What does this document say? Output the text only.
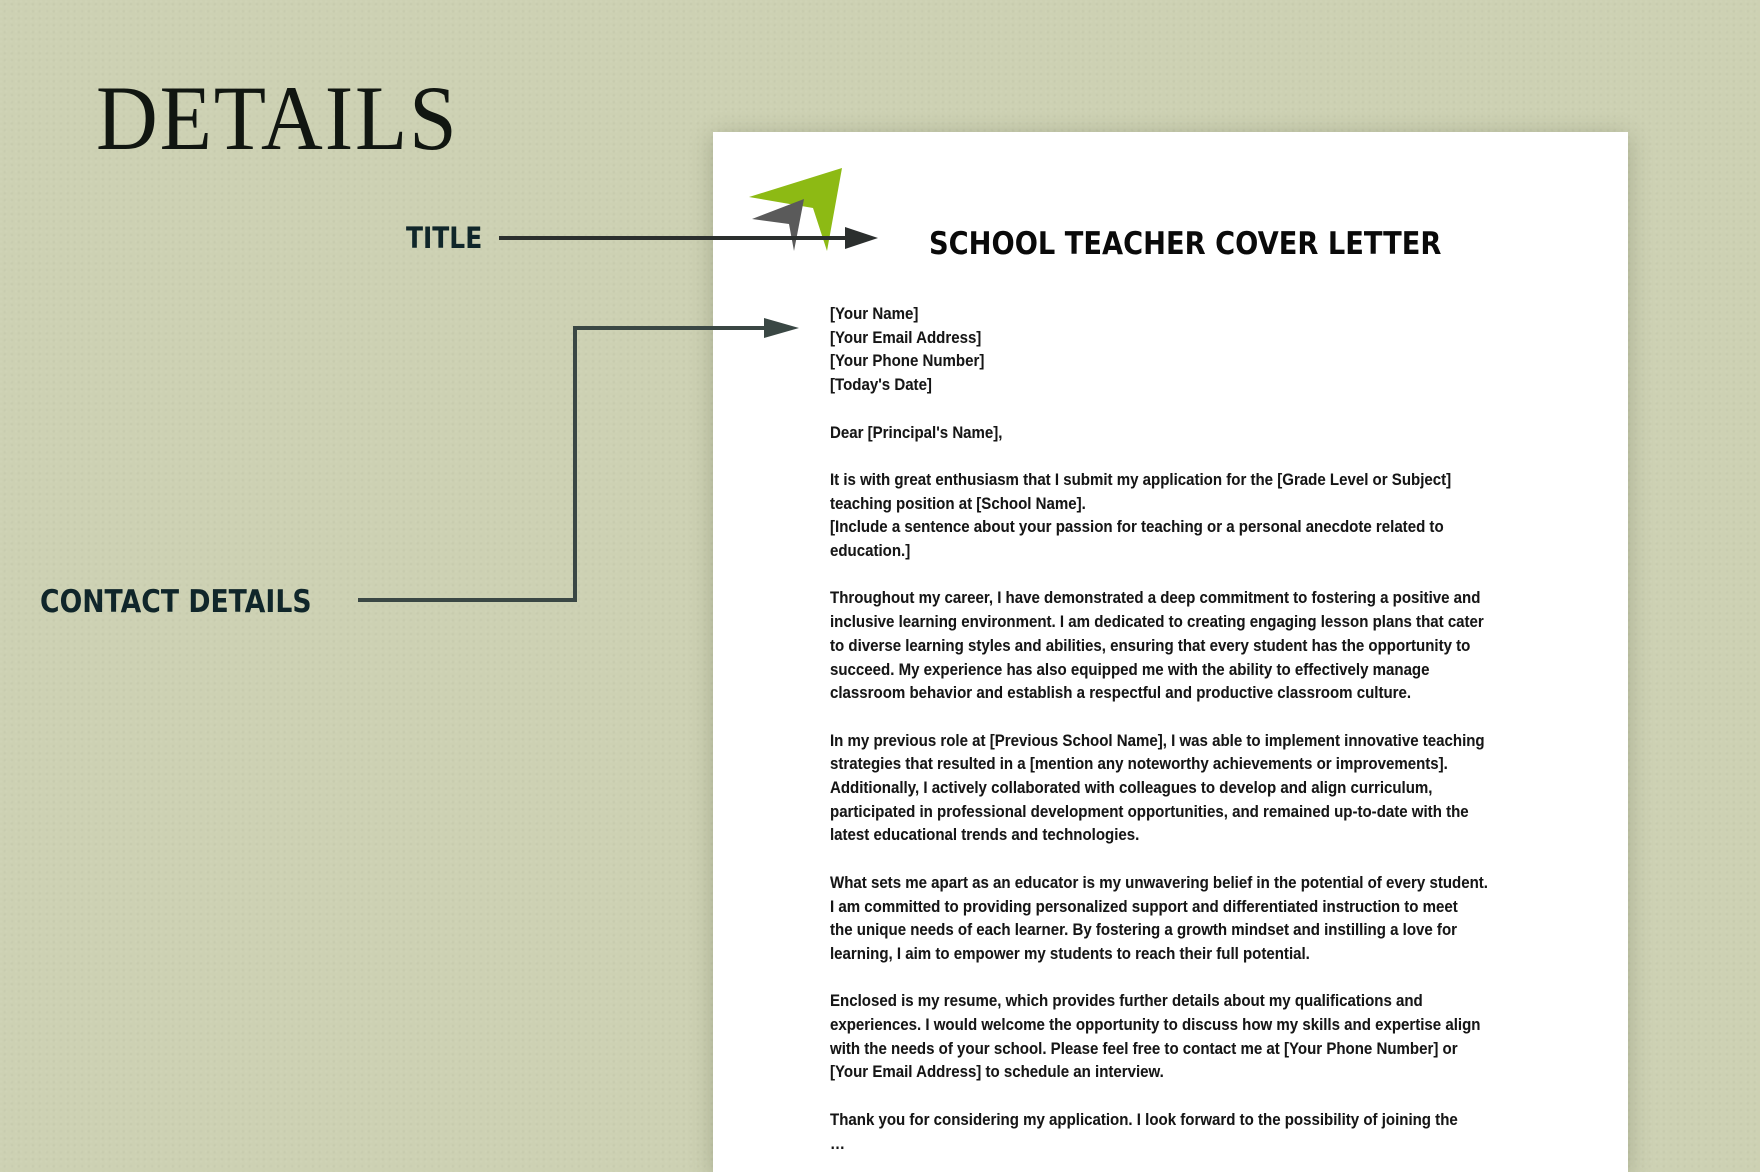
DETAILS
TITLE
CONTACT DETAILS
SCHOOL TEACHER COVER LETTER
[Your Name]
[Your Email Address]
[Your Phone Number]
[Today's Date]
Dear [Principal's Name],
It is with great enthusiasm that I submit my application for the [Grade Level or Subject]
teaching position at [School Name].
[Include a sentence about your passion for teaching or a personal anecdote related to
education.]
Throughout my career, I have demonstrated a deep commitment to fostering a positive and
inclusive learning environment. I am dedicated to creating engaging lesson plans that cater
to diverse learning styles and abilities, ensuring that every student has the opportunity to
succeed. My experience has also equipped me with the ability to effectively manage
classroom behavior and establish a respectful and productive classroom culture.
In my previous role at [Previous School Name], I was able to implement innovative teaching
strategies that resulted in a [mention any noteworthy achievements or improvements].
Additionally, I actively collaborated with colleagues to develop and align curriculum,
participated in professional development opportunities, and remained up-to-date with the
latest educational trends and technologies.
What sets me apart as an educator is my unwavering belief in the potential of every student.
I am committed to providing personalized support and differentiated instruction to meet
the unique needs of each learner. By fostering a growth mindset and instilling a love for
learning, I aim to empower my students to reach their full potential.
Enclosed is my resume, which provides further details about my qualifications and
experiences. I would welcome the opportunity to discuss how my skills and expertise align
with the needs of your school. Please feel free to contact me at [Your Phone Number] or
[Your Email Address] to schedule an interview.
Thank you for considering my application. I look forward to the possibility of joining the
…
